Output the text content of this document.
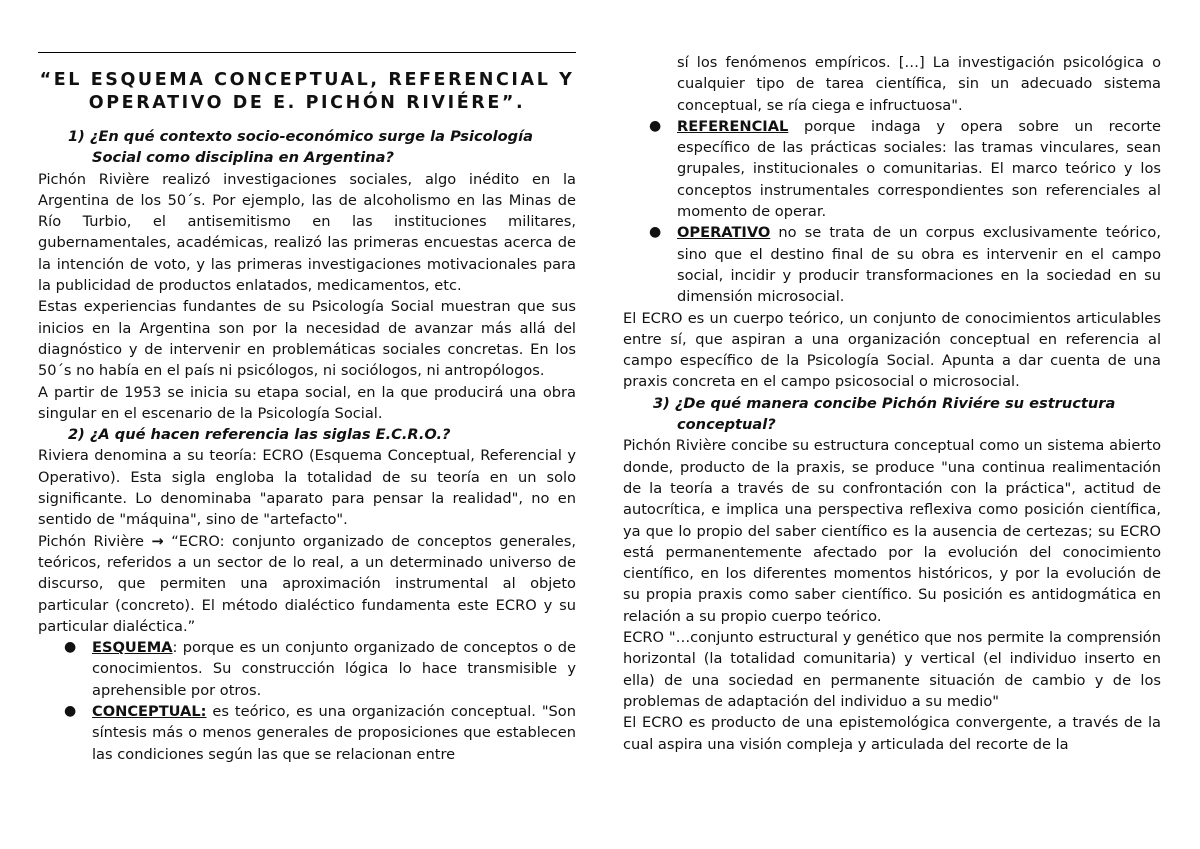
“EL ESQUEMA CONCEPTUAL, REFERENCIAL Y OPERATIVO DE E. PICHÓN RIVIÉRE”.

1) ¿En qué contexto socio-económico surge la Psicología Social como disciplina en Argentina?

Pichón Rivière realizó investigaciones sociales, algo inédito en la Argentina de los 50´s. Por ejemplo, las de alcoholismo en las Minas de Río Turbio, el antisemitismo en las instituciones militares, gubernamentales, académicas, realizó las primeras encuestas acerca de la intención de voto, y las primeras investigaciones motivacionales para la publicidad de productos enlatados, medicamentos, etc.

Estas experiencias fundantes de su Psicología Social muestran que sus inicios en la Argentina son por la necesidad de avanzar más allá del diagnóstico y de intervenir en problemáticas sociales concretas. En los 50´s no había en el país ni psicólogos, ni sociólogos, ni antropólogos.

A partir de 1953 se inicia su etapa social, en la que producirá una obra singular en el escenario de la Psicología Social.

2) ¿A qué hacen referencia las siglas E.C.R.O.?

Riviera denomina a su teoría: ECRO (Esquema Conceptual, Referencial y Operativo). Esta sigla engloba la totalidad de su teoría en un solo significante. Lo denominaba "aparato para pensar la realidad", no en sentido de "máquina", sino de "artefacto".

Pichón Rivière → “ECRO: conjunto organizado de conceptos generales, teóricos, referidos a un sector de lo real, a un determinado universo de discurso, que permiten una aproximación instrumental al objeto particular (concreto). El método dialéctico fundamenta este ECRO y su particular dialéctica.”

● ESQUEMA: porque es un conjunto organizado de conceptos o de conocimientos. Su construcción lógica lo hace transmisible y aprehensible por otros.
● CONCEPTUAL: es teórico, es una organización conceptual. "Son síntesis más o menos generales de proposiciones que establecen las condiciones según las que se relacionan entre

sí los fenómenos empíricos. […] La investigación psicológica o cualquier tipo de tarea científica, sin un adecuado sistema conceptual, se ría ciega e infructuosa".

● REFERENCIAL porque indaga y opera sobre un recorte específico de las prácticas sociales: las tramas vinculares, sean grupales, institucionales o comunitarias. El marco teórico y los conceptos instrumentales correspondientes son referenciales al momento de operar.
● OPERATIVO no se trata de un corpus exclusivamente teórico, sino que el destino final de su obra es intervenir en el campo social, incidir y producir transformaciones en la sociedad en su dimensión microsocial.

El ECRO es un cuerpo teórico, un conjunto de conocimientos articulables entre sí, que aspiran a una organización conceptual en referencia al campo específico de la Psicología Social. Apunta a dar cuenta de una praxis concreta en el campo psicosocial o microsocial.

3) ¿De qué manera concibe Pichón Riviére su estructura conceptual?

Pichón Rivière concibe su estructura conceptual como un sistema abierto donde, producto de la praxis, se produce "una continua realimentación de la teoría a través de su confrontación con la práctica", actitud de autocrítica, e implica una perspectiva reflexiva como posición científica, ya que lo propio del saber científico es la ausencia de certezas; su ECRO está permanentemente afectado por la evolución del conocimiento científico, en los diferentes momentos históricos, y por la evolución de su propia praxis como saber científico. Su posición es antidogmática en relación a su propio cuerpo teórico.

ECRO "…conjunto estructural y genético que nos permite la comprensión horizontal (la totalidad comunitaria) y vertical (el individuo inserto en ella) de una sociedad en permanente situación de cambio y de los problemas de adaptación del individuo a su medio"

El ECRO es producto de una epistemológica convergente, a través de la cual aspira una visión compleja y articulada del recorte de la
